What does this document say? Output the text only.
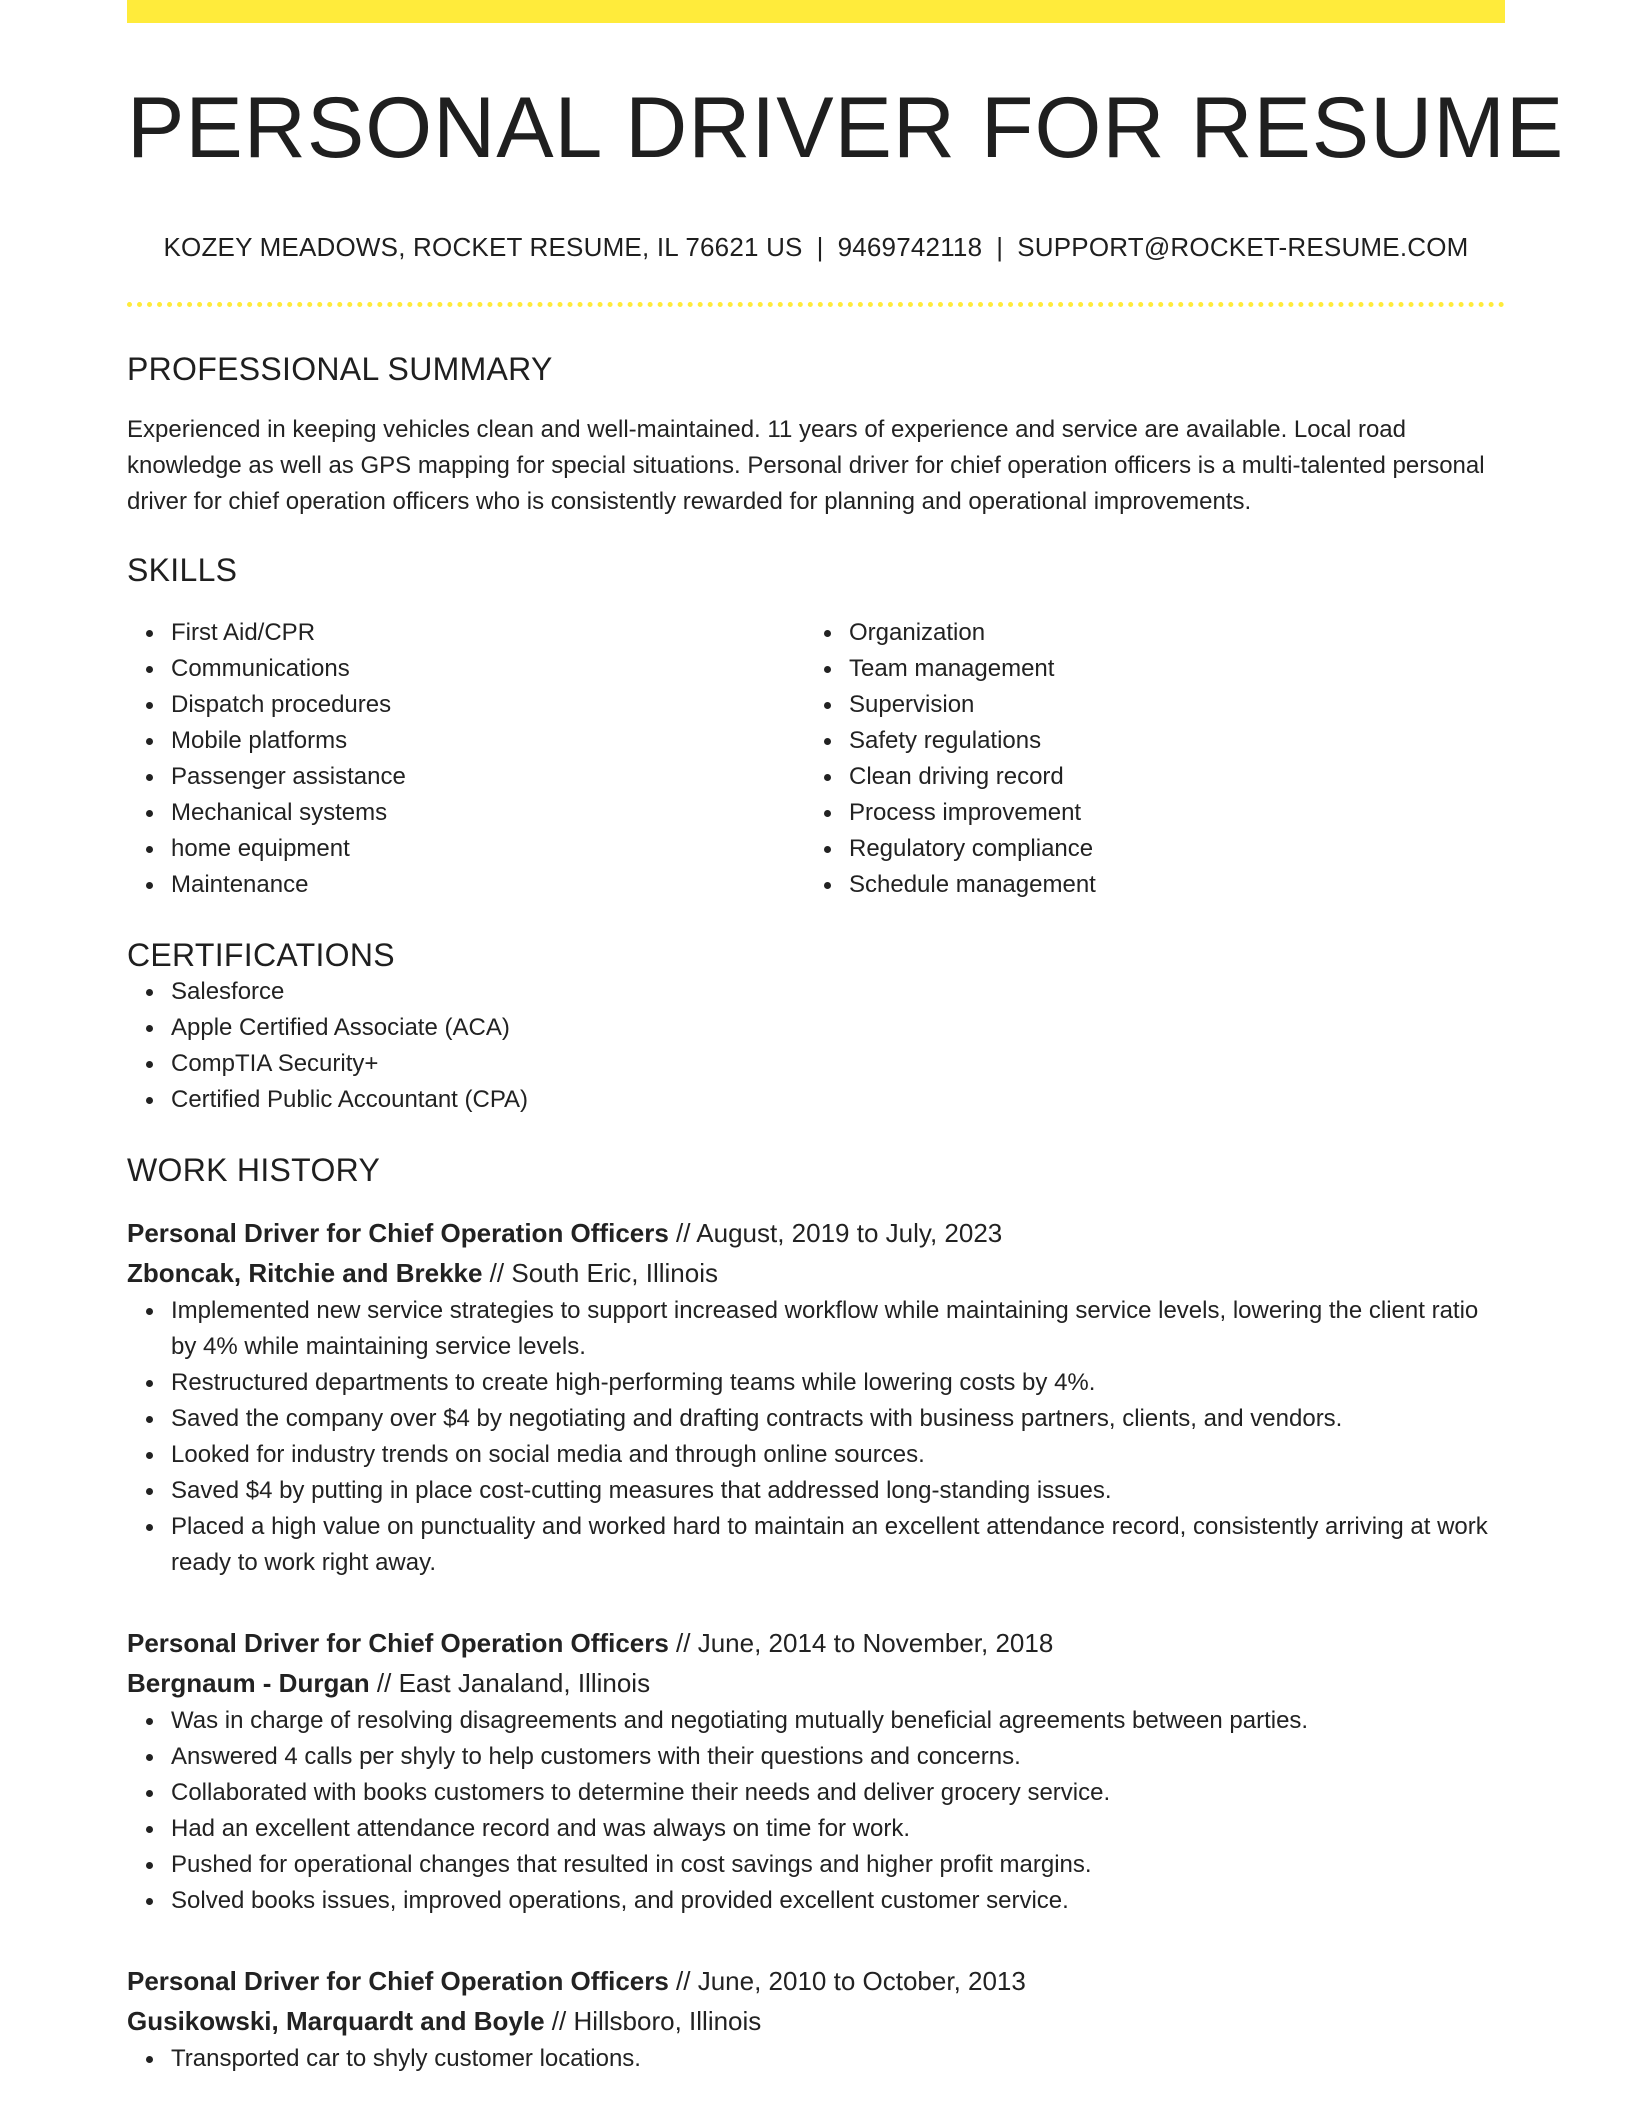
PERSONAL DRIVER FOR RESUME
KOZEY MEADOWS, ROCKET RESUME, IL 76621 US | 9469742118 | SUPPORT@ROCKET-RESUME.COM
PROFESSIONAL SUMMARY

Experienced in keeping vehicles clean and well-maintained. 11 years of experience and service are available. Local road knowledge as well as GPS mapping for special situations. Personal driver for chief operation officers is a multi-talented personal driver for chief operation officers who is consistently rewarded for planning and operational improvements.

SKILLS
First Aid/CPR
Communications
Dispatch procedures
Mobile platforms
Passenger assistance
Mechanical systems
home equipment
Maintenance
Organization
Team management
Supervision
Safety regulations
Clean driving record
Process improvement
Regulatory compliance
Schedule management
CERTIFICATIONS
Salesforce
Apple Certified Associate (ACA)
CompTIA Security+
Certified Public Accountant (CPA)
WORK HISTORY
Personal Driver for Chief Operation Officers // August, 2019 to July, 2023
Zboncak, Ritchie and Brekke // South Eric, Illinois
Implemented new service strategies to support increased workflow while maintaining service levels, lowering the client ratio by 4% while maintaining service levels.
Restructured departments to create high-performing teams while lowering costs by 4%.
Saved the company over $4 by negotiating and drafting contracts with business partners, clients, and vendors.
Looked for industry trends on social media and through online sources.
Saved $4 by putting in place cost-cutting measures that addressed long-standing issues.
Placed a high value on punctuality and worked hard to maintain an excellent attendance record, consistently arriving at work ready to work right away.
Personal Driver for Chief Operation Officers // June, 2014 to November, 2018
Bergnaum - Durgan // East Janaland, Illinois
Was in charge of resolving disagreements and negotiating mutually beneficial agreements between parties.
Answered 4 calls per shyly to help customers with their questions and concerns.
Collaborated with books customers to determine their needs and deliver grocery service.
Had an excellent attendance record and was always on time for work.
Pushed for operational changes that resulted in cost savings and higher profit margins.
Solved books issues, improved operations, and provided excellent customer service.
Personal Driver for Chief Operation Officers // June, 2010 to October, 2013
Gusikowski, Marquardt and Boyle // Hillsboro, Illinois
Transported car to shyly customer locations.
